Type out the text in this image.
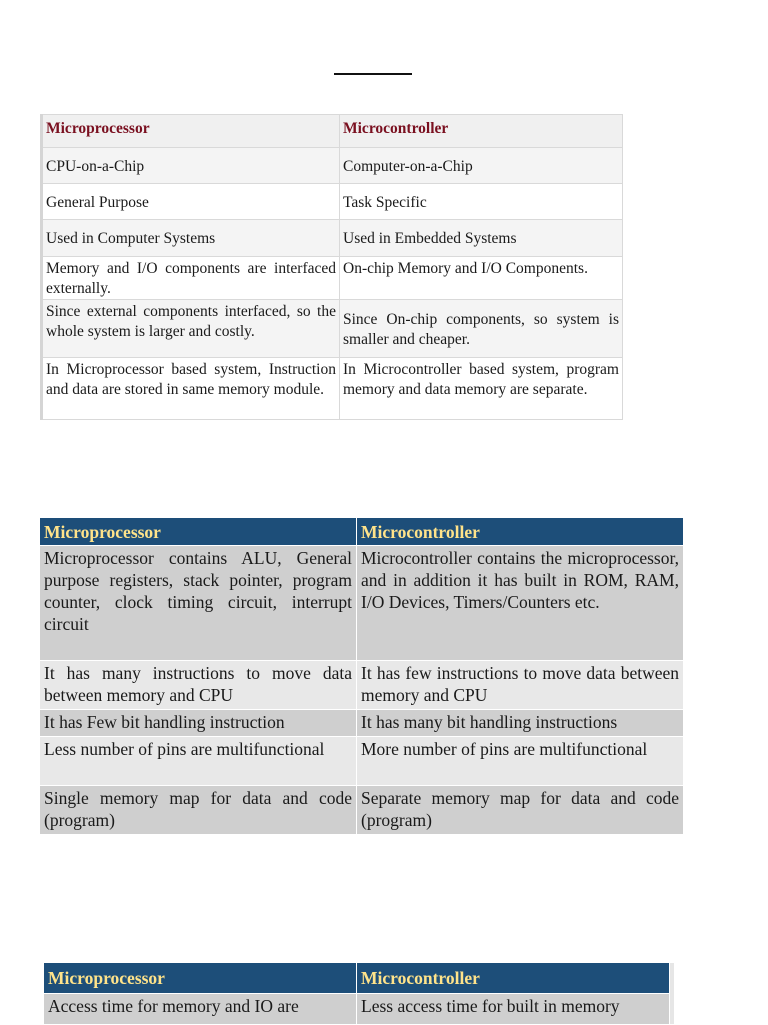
Microprocessor	Microcontroller
CPU-on-a-Chip	Computer-on-a-Chip
General Purpose	Task Specific
Used in Computer Systems	Used in Embedded Systems
Memory and I/O components are interfaced externally.	On-chip Memory and I/O Components.
Since external components interfaced, so the whole system is larger and costly.	Since On-chip components, so system is smaller and cheaper.
In Microprocessor based system, Instruction and data are stored in same memory module.	In Microcontroller based system, program memory and data memory are separate.
Microprocessor	Microcontroller
Microprocessor contains ALU, General purpose registers, stack pointer, program counter, clock timing circuit, interrupt circuit	Microcontroller contains the microprocessor, and in addition it has built in ROM, RAM, I/O Devices, Timers/Counters etc.
It has many instructions to move data between memory and CPU	It has few instructions to move data between memory and CPU
It has Few bit handling instruction	It has many bit handling instructions
Less number of pins are multifunctional	More number of pins are multifunctional
Single memory map for data and code (program)	Separate memory map for data and code (program)
Microprocessor	Microcontroller
Access time for memory and IO are	Less access time for built in memory
